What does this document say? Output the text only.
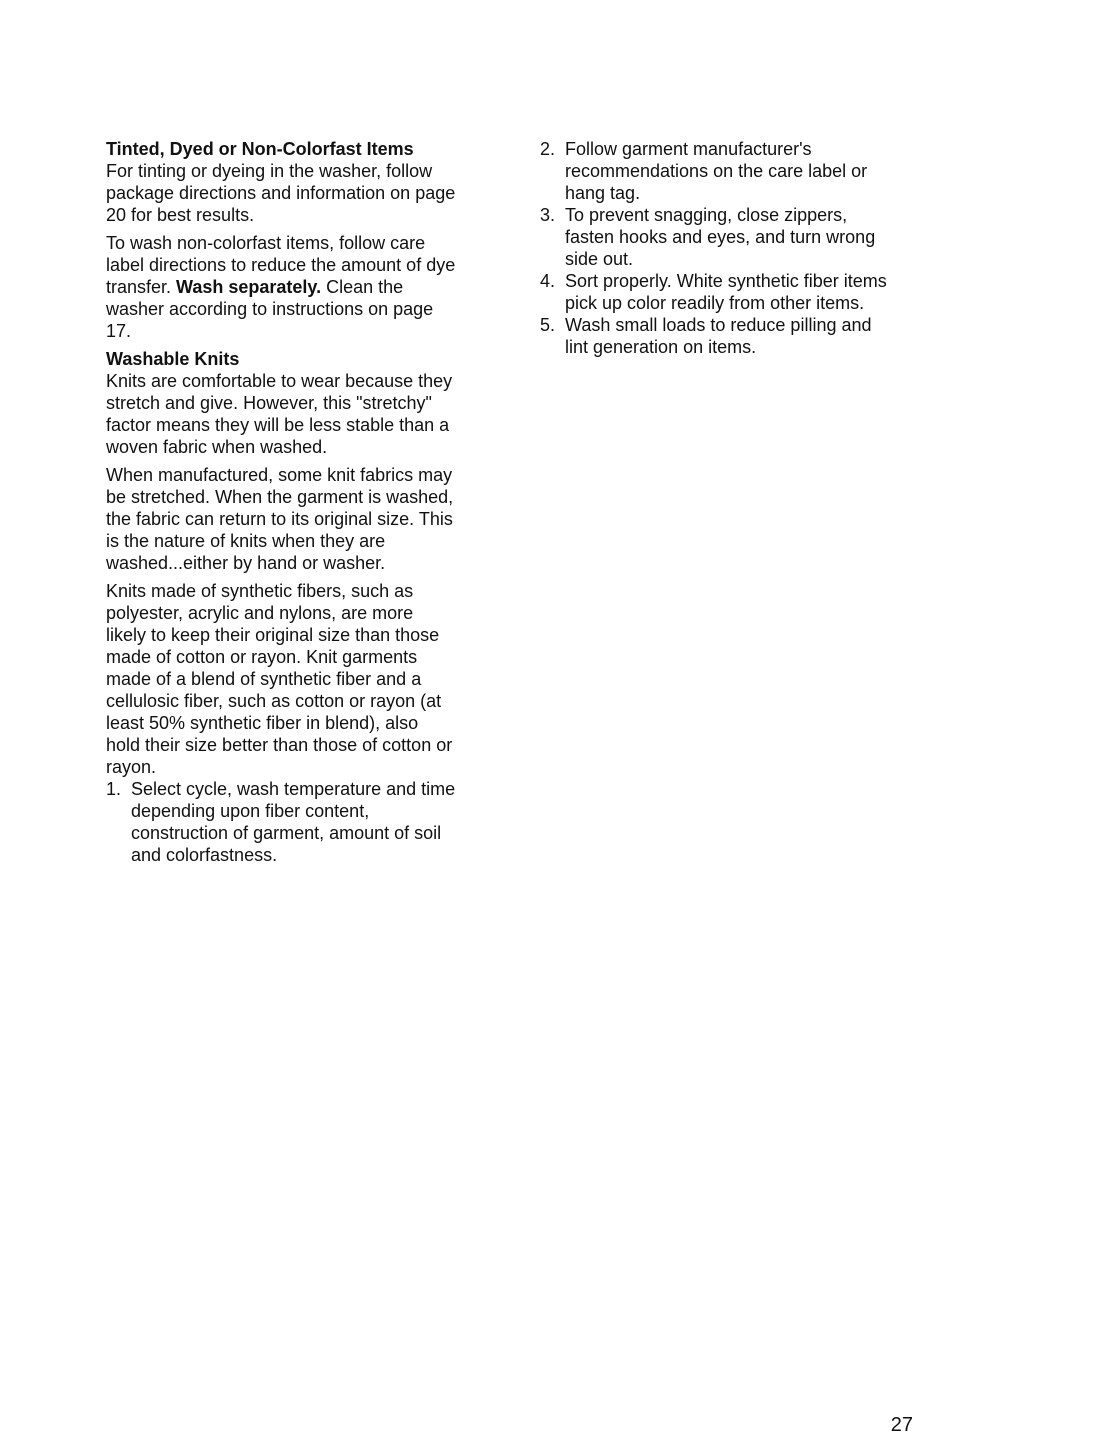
Tinted, Dyed or Non-Colorfast Items

For tinting or dyeing in the washer, follow package directions and information on page 20 for best results.

To wash non-colorfast items, follow care label directions to reduce the amount of dye transfer. Wash separately. Clean the washer according to instructions on page 17.

Washable Knits

Knits are comfortable to wear because they stretch and give. However, this "stretchy" factor means they will be less stable than a woven fabric when washed.

When manufactured, some knit fabrics may be stretched. When the garment is washed, the fabric can return to its original size. This is the nature of knits when they are washed...either by hand or washer.

Knits made of synthetic fibers, such as polyester, acrylic and nylons, are more likely to keep their original size than those made of cotton or rayon. Knit garments made of a blend of synthetic fiber and a cellulosic fiber, such as cotton or rayon (at least 50% synthetic fiber in blend), also hold their size better than those of cotton or rayon.

1. Select cycle, wash temperature and time depending upon fiber content, construction of garment, amount of soil and colorfastness.
2. Follow garment manufacturer's recommendations on the care label or hang tag.
3. To prevent snagging, close zippers, fasten hooks and eyes, and turn wrong side out.
4. Sort properly. White synthetic fiber items pick up color readily from other items.
5. Wash small loads to reduce pilling and lint generation on items.
27
